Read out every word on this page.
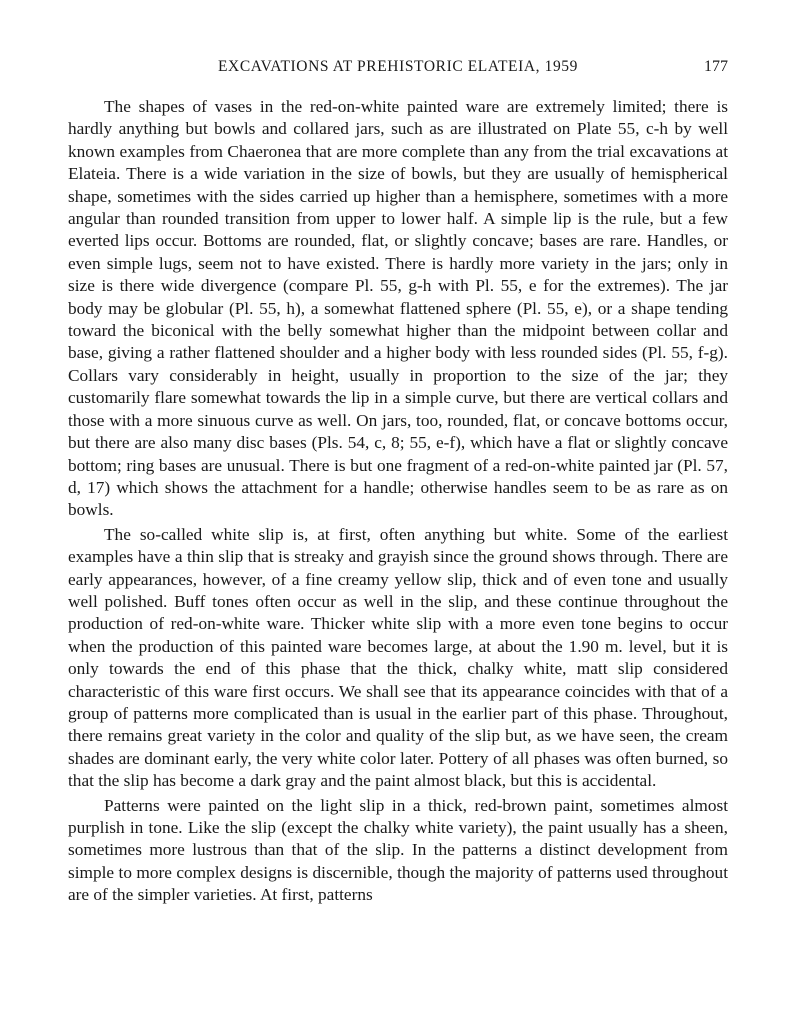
EXCAVATIONS AT PREHISTORIC ELATEIA, 1959	177

The shapes of vases in the red-on-white painted ware are extremely limited; there is hardly anything but bowls and collared jars, such as are illustrated on Plate 55, c-h by well known examples from Chaeronea that are more complete than any from the trial excavations at Elateia. There is a wide variation in the size of bowls, but they are usually of hemispherical shape, sometimes with the sides carried up higher than a hemisphere, sometimes with a more angular than rounded transition from upper to lower half. A simple lip is the rule, but a few everted lips occur. Bottoms are rounded, flat, or slightly concave; bases are rare. Handles, or even simple lugs, seem not to have existed. There is hardly more variety in the jars; only in size is there wide divergence (compare Pl. 55, g-h with Pl. 55, e for the extremes). The jar body may be globular (Pl. 55, h), a somewhat flattened sphere (Pl. 55, e), or a shape tending toward the biconical with the belly somewhat higher than the midpoint between collar and base, giving a rather flattened shoulder and a higher body with less rounded sides (Pl. 55, f-g). Collars vary considerably in height, usually in proportion to the size of the jar; they customarily flare somewhat towards the lip in a simple curve, but there are vertical collars and those with a more sinuous curve as well. On jars, too, rounded, flat, or concave bottoms occur, but there are also many disc bases (Pls. 54, c, 8; 55, e-f), which have a flat or slightly concave bottom; ring bases are unusual. There is but one fragment of a red-on-white painted jar (Pl. 57, d, 17) which shows the attachment for a handle; otherwise handles seem to be as rare as on bowls.

The so-called white slip is, at first, often anything but white. Some of the earliest examples have a thin slip that is streaky and grayish since the ground shows through. There are early appearances, however, of a fine creamy yellow slip, thick and of even tone and usually well polished. Buff tones often occur as well in the slip, and these continue throughout the production of red-on-white ware. Thicker white slip with a more even tone begins to occur when the production of this painted ware becomes large, at about the 1.90 m. level, but it is only towards the end of this phase that the thick, chalky white, matt slip considered characteristic of this ware first occurs. We shall see that its appearance coincides with that of a group of patterns more complicated than is usual in the earlier part of this phase. Throughout, there remains great variety in the color and quality of the slip but, as we have seen, the cream shades are dominant early, the very white color later. Pottery of all phases was often burned, so that the slip has become a dark gray and the paint almost black, but this is accidental.

Patterns were painted on the light slip in a thick, red-brown paint, sometimes almost purplish in tone. Like the slip (except the chalky white variety), the paint usually has a sheen, sometimes more lustrous than that of the slip. In the patterns a distinct development from simple to more complex designs is discernible, though the majority of patterns used throughout are of the simpler varieties. At first, patterns
